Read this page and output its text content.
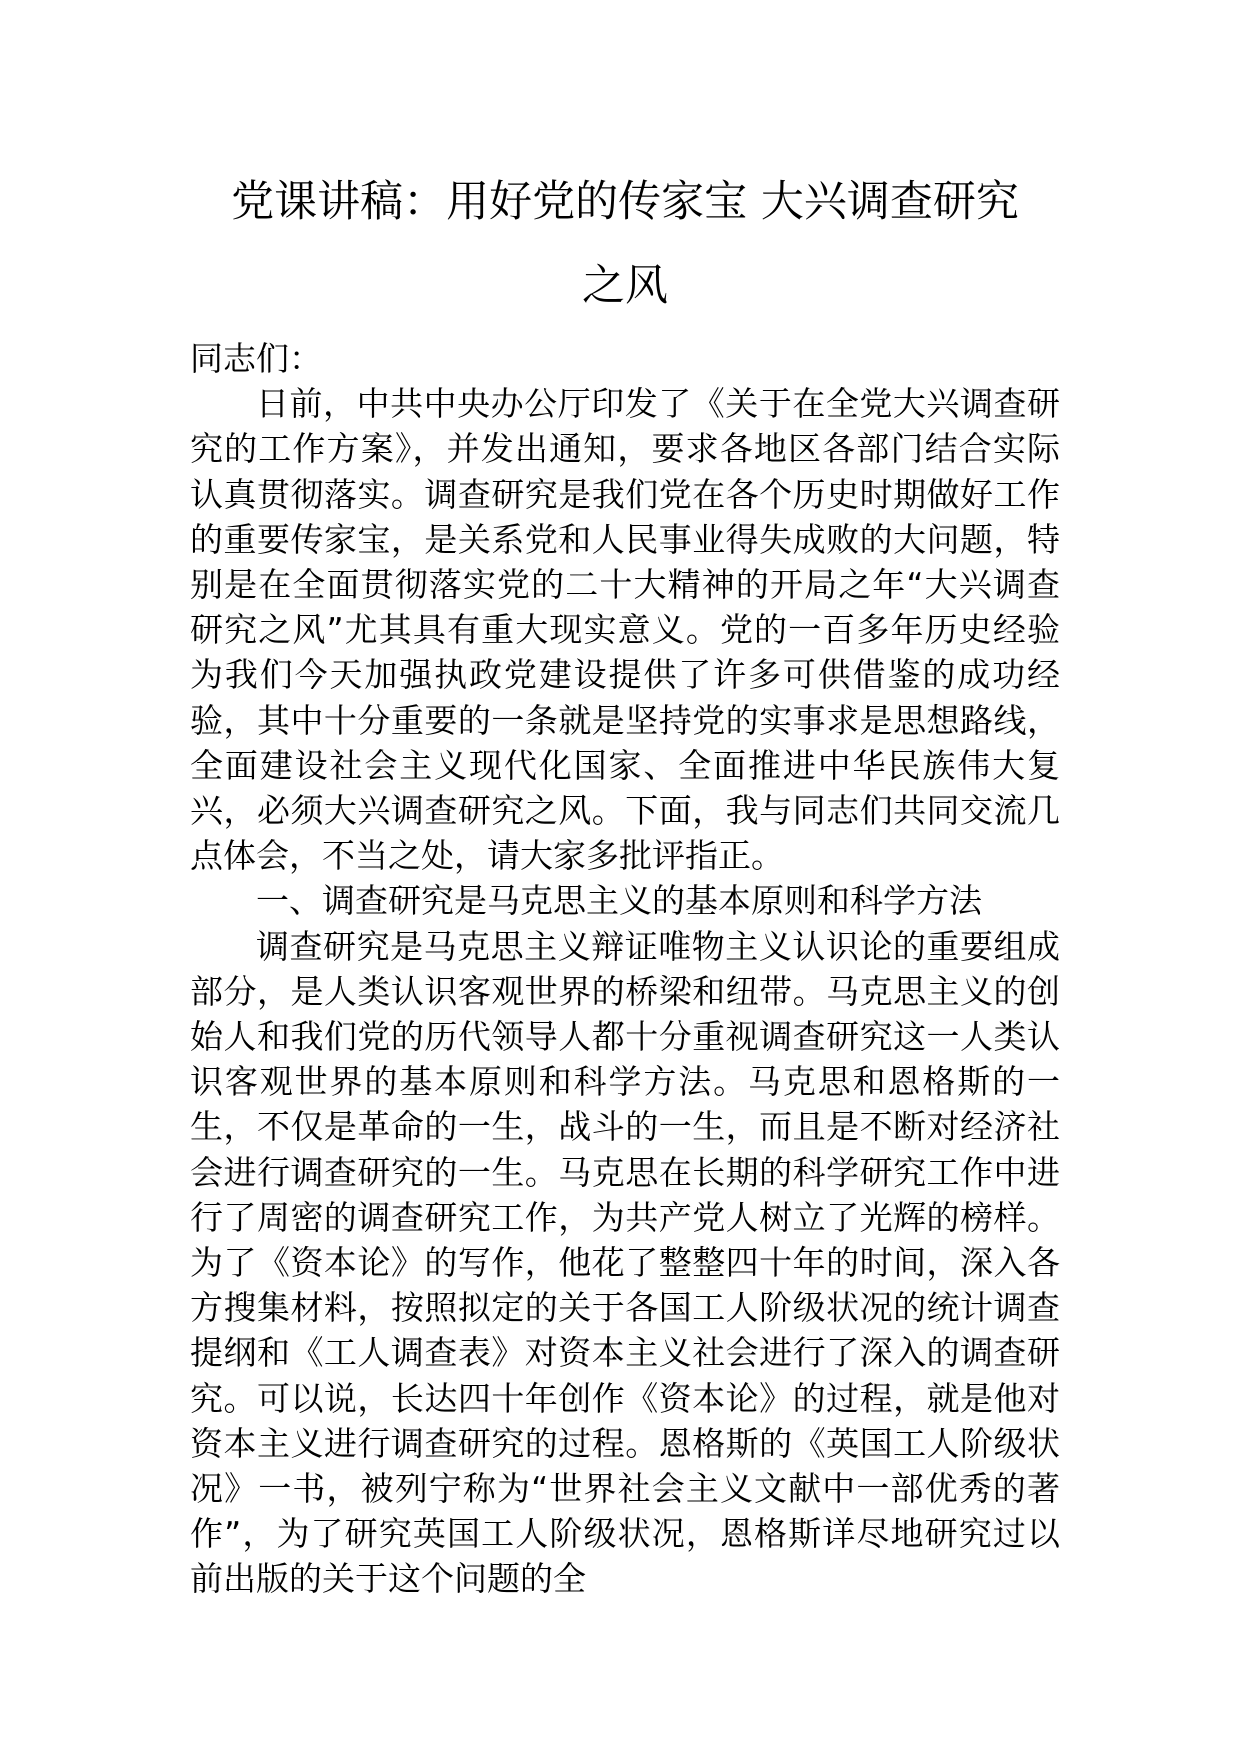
党课讲稿：用好党的传家宝 大兴调查研究
之风

同志们：

日前，中共中央办公厅印发了《关于在全党大兴调查研究的工作方案》，并发出通知，要求各地区各部门结合实际认真贯彻落实。调查研究是我们党在各个历史时期做好工作的重要传家宝，是关系党和人民事业得失成败的大问题，特别是在全面贯彻落实党的二十大精神的开局之年“大兴调查研究之风”尤其具有重大现实意义。党的一百多年历史经验为我们今天加强执政党建设提供了许多可供借鉴的成功经验，其中十分重要的一条就是坚持党的实事求是思想路线，全面建设社会主义现代化国家、全面推进中华民族伟大复兴，必须大兴调查研究之风。下面，我与同志们共同交流几点体会，不当之处，请大家多批评指正。

一、调查研究是马克思主义的基本原则和科学方法

调查研究是马克思主义辩证唯物主义认识论的重要组成部分，是人类认识客观世界的桥梁和纽带。马克思主义的创始人和我们党的历代领导人都十分重视调查研究这一人类认识客观世界的基本原则和科学方法。马克思和恩格斯的一生，不仅是革命的一生，战斗的一生，而且是不断对经济社会进行调查研究的一生。马克思在长期的科学研究工作中进行了周密的调查研究工作，为共产党人树立了光辉的榜样。为了《资本论》的写作，他花了整整四十年的时间，深入各方搜集材料，按照拟定的关于各国工人阶级状况的统计调查提纲和《工人调查表》对资本主义社会进行了深入的调查研究。可以说，长达四十年创作《资本论》的过程，就是他对资本主义进行调查研究的过程。恩格斯的《英国工人阶级状况》一书，被列宁称为“世界社会主义文献中一部优秀的著作”，为了研究英国工人阶级状况，恩格斯详尽地研究过以前出版的关于这个问题的全
